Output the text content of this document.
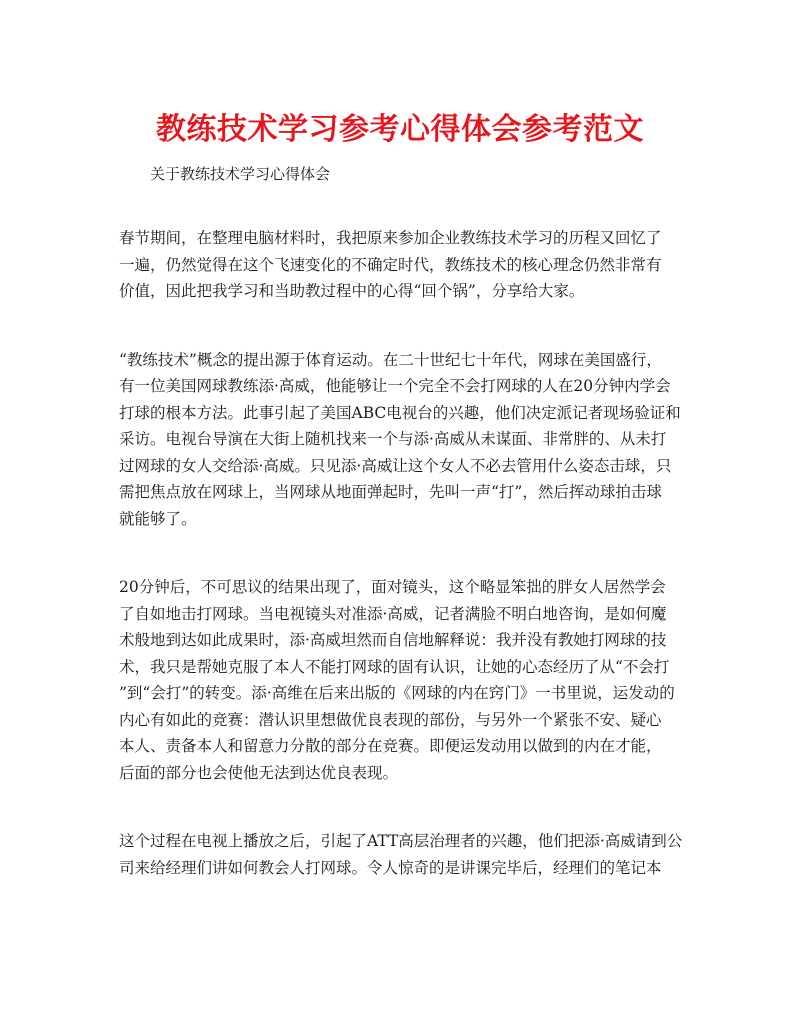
教练技术学习参考心得体会参考范文

关于教练技术学习心得体会

春节期间，在整理电脑材料时，我把原来参加企业教练技术学习的历程又回忆了
一遍，仍然觉得在这个飞速变化的不确定时代，教练技术的核心理念仍然非常有
价值，因此把我学习和当助教过程中的心得“回个锅”，分享给大家。

“教练技术”概念的提出源于体育运动。在二十世纪七十年代，网球在美国盛行，
有一位美国网球教练添·高威，他能够让一个完全不会打网球的人在20分钟内学会
打球的根本方法。此事引起了美国ABC电视台的兴趣，他们决定派记者现场验证和
采访。电视台导演在大街上随机找来一个与添·高威从未谋面、非常胖的、从未打
过网球的女人交给添·高威。只见添·高威让这个女人不必去管用什么姿态击球，只
需把焦点放在网球上，当网球从地面弹起时，先叫一声“打”，然后挥动球拍击球
就能够了。

20分钟后，不可思议的结果出现了，面对镜头，这个略显笨拙的胖女人居然学会
了自如地击打网球。当电视镜头对准添·高威，记者满脸不明白地咨询，是如何魔
术般地到达如此成果时，添·高威坦然而自信地解释说：我并没有教她打网球的技
术，我只是帮她克服了本人不能打网球的固有认识，让她的心态经历了从“不会打
”到“会打”的转变。添·高维在后来出版的《网球的内在窍门》一书里说，运发动的
内心有如此的竞赛：潜认识里想做优良表现的部份，与另外一个紧张不安、疑心
本人、责备本人和留意力分散的部分在竞赛。即便运发动用以做到的内在才能，
后面的部分也会使他无法到达优良表现。

这个过程在电视上播放之后，引起了ATT高层治理者的兴趣，他们把添·高威请到公
司来给经理们讲如何教会人打网球。令人惊奇的是讲课完毕后，经理们的笔记本
